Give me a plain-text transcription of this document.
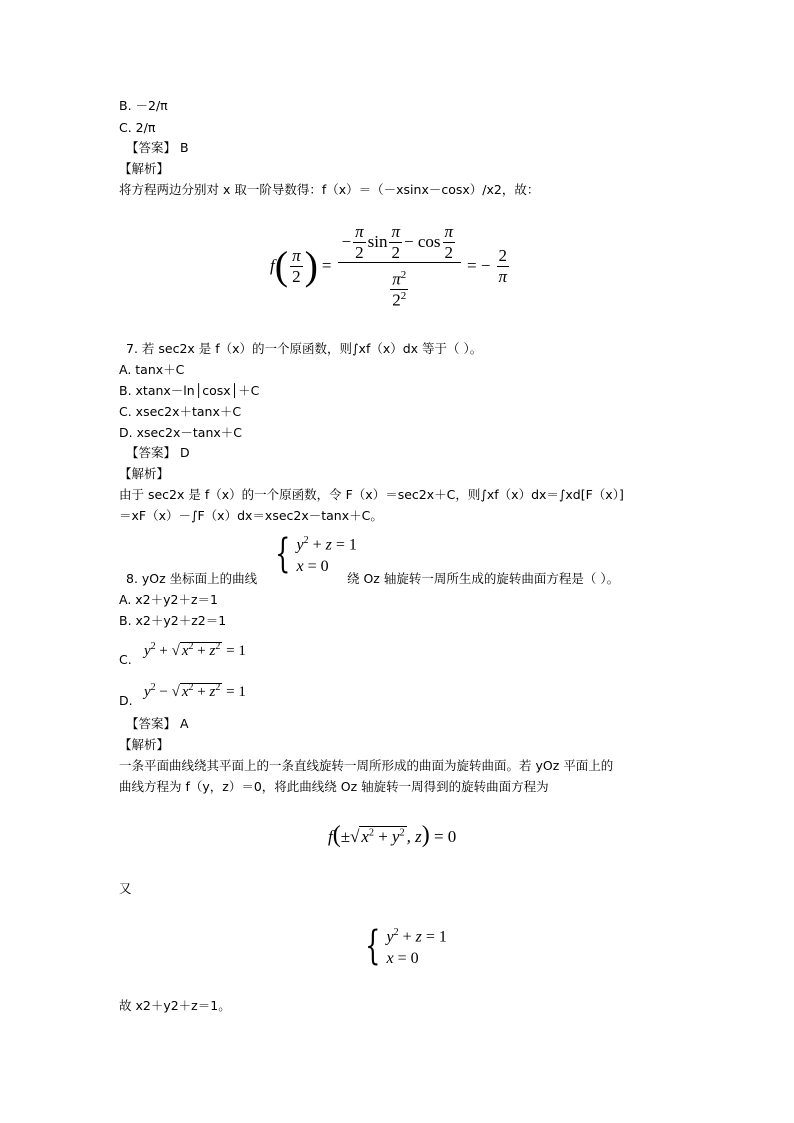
B. －2/π
C. 2/π
【答案】 B
【解析】
将方程两边分别对 x 取一阶导数得：f（x）＝（－xsinx－cosx）/x2，故：
f ( $\frac{\pi}{2}$ ) =
− $\frac{\pi}{2}$ $\sin \frac{\pi}{2} - \cos \frac{\pi}{2}$
$\frac{\pi^2}{2^2}$
= − $\frac{2}{\pi}$
7. 若 sec2x 是 f（x）的一个原函数，则∫xf（x）dx 等于（ ）。
A. tanx＋C
B. xtanx－ln│cosx│＋C
C. xsec2x＋tanx＋C
D. xsec2x－tanx＋C
【答案】 D
【解析】
由于 sec2x 是 f（x）的一个原函数，令 F（x）＝sec2x＋C，则∫xf（x）dx＝∫xd[F（x）]
＝xF（x）－∫F（x）dx＝xsec2x－tanx＋C。
8. yOz 坐标面上的曲线
{ $y^2 + z = 1$
x = 0
绕 Oz 轴旋转一周所生成的旋转曲面方程是（ ）。
A. x2＋y2＋z＝1
B. x2＋y2＋z2＝1
C.
$y^2$ + √ $x^2 + z^2 = 1$
D.
$y^2$ − √ $x^2 + z^2 = 1$
【答案】 A
【解析】
一条平面曲线绕其平面上的一条直线旋转一周所形成的曲面为旋转曲面。若 yOz 平面上的
曲线方程为 f（y，z）＝0，将此曲线绕 Oz 轴旋转一周得到的旋转曲面方程为
f(±√ $x^2 + y^2$ , z) = 0
又
{ $y^2 + z = 1$
x = 0
故 x2＋y2＋z＝1。
